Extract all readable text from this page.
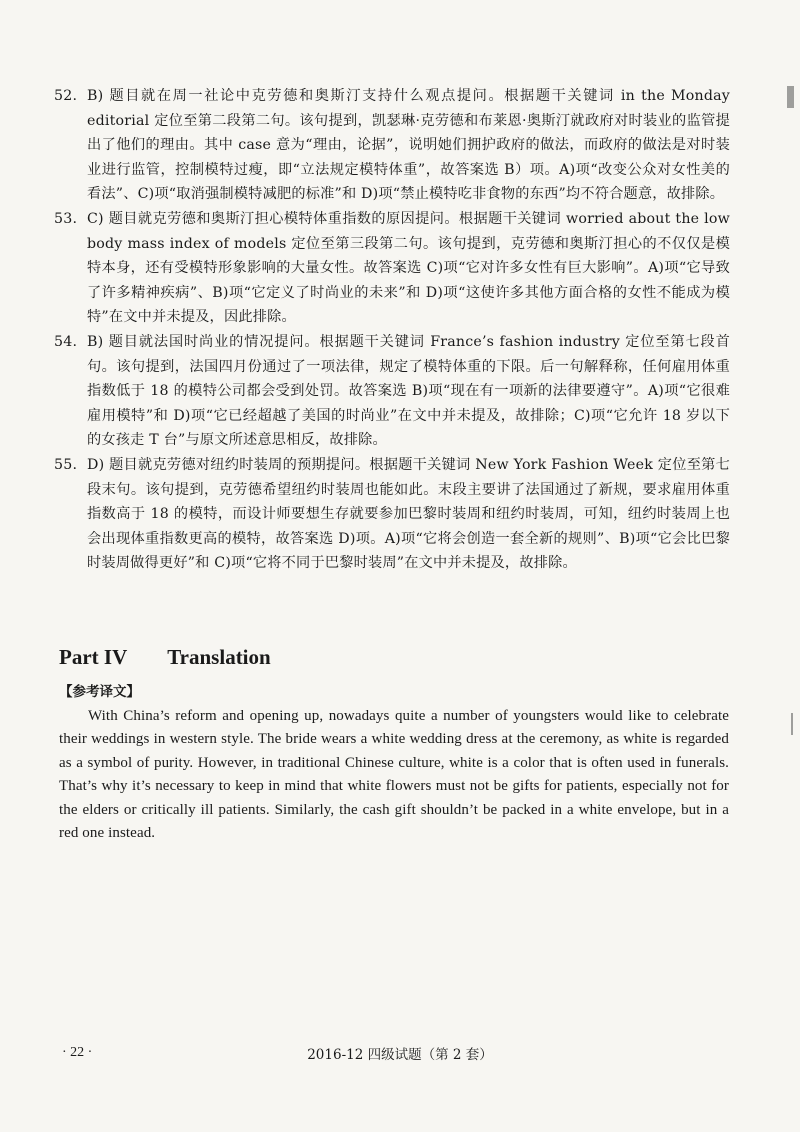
52. B) 题目就在周一社论中克劳德和奥斯汀支持什么观点提问。根据题干关键词 in the Monday editorial 定位至第二段第二句。该句提到，凯瑟琳·克劳德和布莱恩·奥斯汀就政府对时装业的监管提出了他们的理由。其中 case 意为“理由，论据”，说明她们拥护政府的做法，而政府的做法是对时装业进行监管，控制模特过瘦，即“立法规定模特体重”，故答案选 B）项。A)项“改变公众对女性美的看法”、C)项“取消强制模特减肥的标准”和 D)项“禁止模特吃非食物的东西”均不符合题意，故排除。

53. C) 题目就克劳德和奥斯汀担心模特体重指数的原因提问。根据题干关键词 worried about the low body mass index of models 定位至第三段第二句。该句提到，克劳德和奥斯汀担心的不仅仅是模特本身，还有受模特形象影响的大量女性。故答案选 C)项“它对许多女性有巨大影响”。A)项“它导致了许多精神疾病”、B)项“它定义了时尚业的未来”和 D)项“这使许多其他方面合格的女性不能成为模特”在文中并未提及，因此排除。

54. B) 题目就法国时尚业的情况提问。根据题干关键词 France’s fashion industry 定位至第七段首句。该句提到，法国四月份通过了一项法律，规定了模特体重的下限。后一句解释称，任何雇用体重指数低于 18 的模特公司都会受到处罚。故答案选 B)项“现在有一项新的法律要遵守”。A)项“它很难雇用模特”和 D)项“它已经超越了美国的时尚业”在文中并未提及，故排除；C)项“它允许 18 岁以下的女孩走 T 台”与原文所述意思相反，故排除。

55. D) 题目就克劳德对纽约时装周的预期提问。根据题干关键词 New York Fashion Week 定位至第七段末句。该句提到，克劳德希望纽约时装周也能如此。末段主要讲了法国通过了新规，要求雇用体重指数高于 18 的模特，而设计师要想生存就要参加巴黎时装周和纽约时装周，可知，纽约时装周上也会出现体重指数更高的模特，故答案选 D)项。A)项“它将会创造一套全新的规则”、B)项“它会比巴黎时装周做得更好”和 C)项“它将不同于巴黎时装周”在文中并未提及，故排除。

Part IV Translation

【参考译文】

With China’s reform and opening up, nowadays quite a number of youngsters would like to celebrate their weddings in western style. The bride wears a white wedding dress at the ceremony, as white is regarded as a symbol of purity. However, in traditional Chinese culture, white is a color that is often used in funerals. That’s why it’s necessary to keep in mind that white flowers must not be gifts for patients, especially not for the elders or critically ill patients. Similarly, the cash gift shouldn’t be packed in a white envelope, but in a red one instead.

· 22 ·	2016-12 四级试题（第 2 套）
